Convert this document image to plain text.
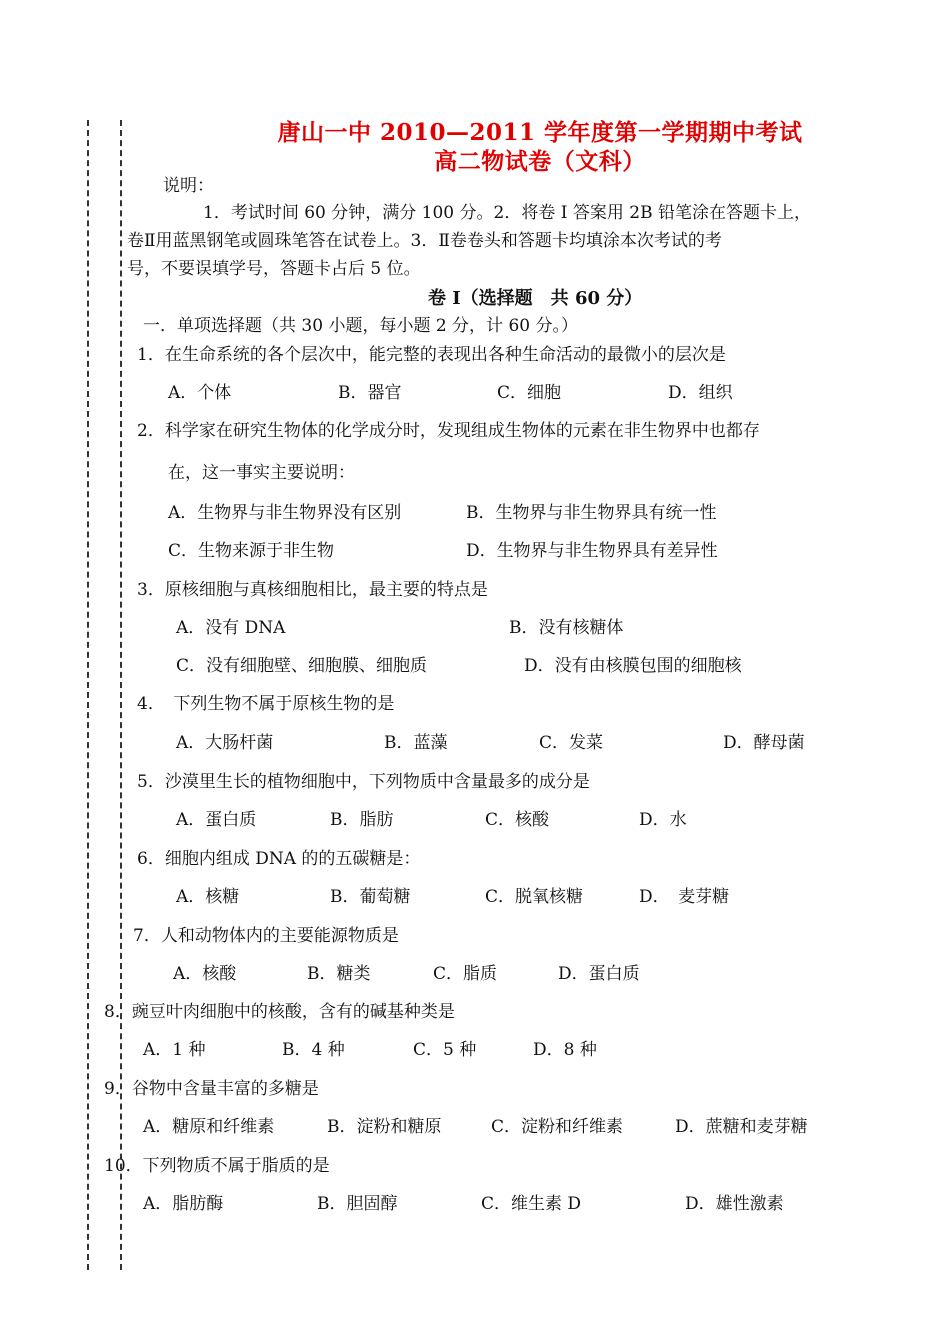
唐山一中 2010—2011 学年度第一学期期中考试
高二物试卷（文科）
说明：
1．考试时间 60 分钟，满分 100 分。2．将卷 I 答案用 2B 铅笔涂在答题卡上，
卷Ⅱ用蓝黑钢笔或圆珠笔答在试卷上。3．Ⅱ卷卷头和答题卡均填涂本次考试的考
号，不要误填学号，答题卡占后 5 位。
卷 I（选择题　共 60 分）
一．单项选择题（共 30 小题，每小题 2 分，计 60 分。）
1．在生命系统的各个层次中，能完整的表现出各种生命活动的最微小的层次是
A．个体	B．器官	C．细胞	D．组织
2．科学家在研究生物体的化学成分时，发现组成生物体的元素在非生物界中也都存
在，这一事实主要说明：
A．生物界与非生物界没有区别	B．生物界与非生物界具有统一性
C．生物来源于非生物	D．生物界与非生物界具有差异性
3．原核细胞与真核细胞相比，最主要的特点是
A．没有 DNA	B．没有核糖体
C．没有细胞壁、细胞膜、细胞质	D．没有由核膜包围的细胞核
4．　下列生物不属于原核生物的是
A．大肠杆菌	B．蓝藻	C．发菜	D．酵母菌
5．沙漠里生长的植物细胞中，下列物质中含量最多的成分是
A．蛋白质	B．脂肪	C．核酸	D．水
6．细胞内组成 DNA 的的五碳糖是：
A．核糖	B．葡萄糖	C．脱氧核糖	D．　麦芽糖
7．人和动物体内的主要能源物质是
A．核酸	B．糖类	C．脂质	D．蛋白质
8．豌豆叶肉细胞中的核酸，含有的碱基种类是
A．1 种	B．4 种	C．5 种	D．8 种
9．谷物中含量丰富的多糖是
A．糖原和纤维素	B．淀粉和糖原	C．淀粉和纤维素	D．蔗糖和麦芽糖
10．下列物质不属于脂质的是
A．脂肪酶	B．胆固醇	C．维生素 D	D．雄性激素
